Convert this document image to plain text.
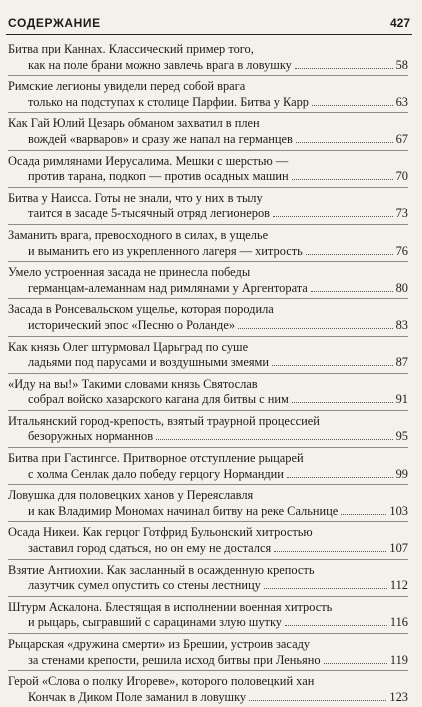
СОДЕРЖАНИЕ	427
Битва при Каннах. Классический пример того,
как на поле брани можно завлечь врага в ловушку	58
Римские легионы увидели перед собой врага
только на подступах к столице Парфии. Битва у Карр	63
Как Гай Юлий Цезарь обманом захватил в плен
вождей «варваров» и сразу же напал на германцев	67
Осада римлянами Иерусалима. Мешки с шерстью —
против тарана, подкоп — против осадных машин	70
Битва у Наисса. Готы не знали, что у них в тылу
таится в засаде 5-тысячный отряд легионеров	73
Заманить врага, превосходного в силах, в ущелье
и выманить его из укрепленного лагеря — хитрость	76
Умело устроенная засада не принесла победы
германцам-алеманнам над римлянами у Аргентората	80
Засада в Ронсевальском ущелье, которая породила
исторический эпос «Песню о Роланде»	83
Как князь Олег штурмовал Царьград по суше
ладьями под парусами и воздушными змеями	87
«Иду на вы!» Такими словами князь Святослав
собрал войско хазарского кагана для битвы с ним	91
Итальянский город-крепость, взятый траурной процессией
безоружных норманнов	95
Битва при Гастингсе. Притворное отступление рыцарей
с холма Сенлак дало победу герцогу Нормандии	99
Ловушка для половецких ханов у Переяславля
и как Владимир Мономах начинал битву на реке Сальнице	103
Осада Никеи. Как герцог Готфрид Бульонский хитростью
заставил город сдаться, но он ему не достался	107
Взятие Антиохии. Как засланный в осажденную крепость
лазутчик сумел опустить со стены лестницу	112
Штурм Аскалона. Блестящая в исполнении военная хитрость
и рыцарь, сыгравший с сарацинами злую шутку	116
Рыцарская «дружина смерти» из Брешии, устроив засаду
за стенами крепости, решила исход битвы при Леньяно	119
Герой «Слова о полку Игореве», которого половецкий хан
Кончак в Диком Поле заманил в ловушку	123
